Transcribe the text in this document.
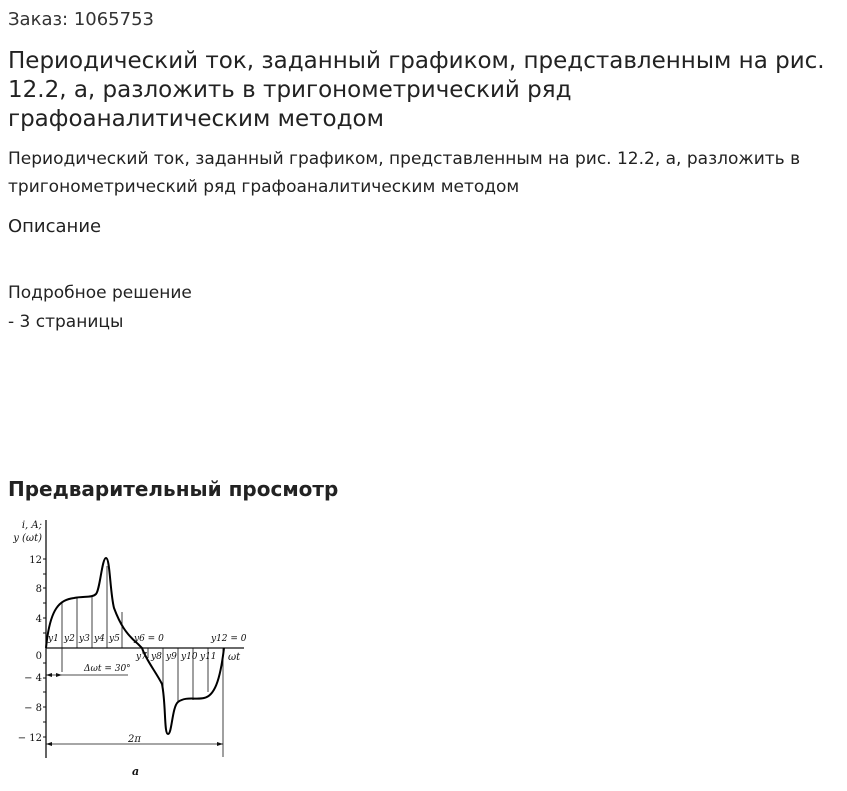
Заказ: 1065753
Периодический ток, заданный графиком, представленным на рис. 12.2, а, разложить в тригонометрический ряд графоаналитическим методом

Периодический ток, заданный графиком, представленным на рис. 12.2, а, разложить в тригонометрический ряд графоаналитическим методом

Описание
Подробное решение
- 3 страницы
Предварительный просмотр
12
8
4
0
− 4
− 8
− 12
i, A;
y (ωt)
y1 y2 y3 y4 y5 y6 = 0	y12 = 0
y7 y8 y9 y10 y11 ωt
Δωt = 30°
2π
a
